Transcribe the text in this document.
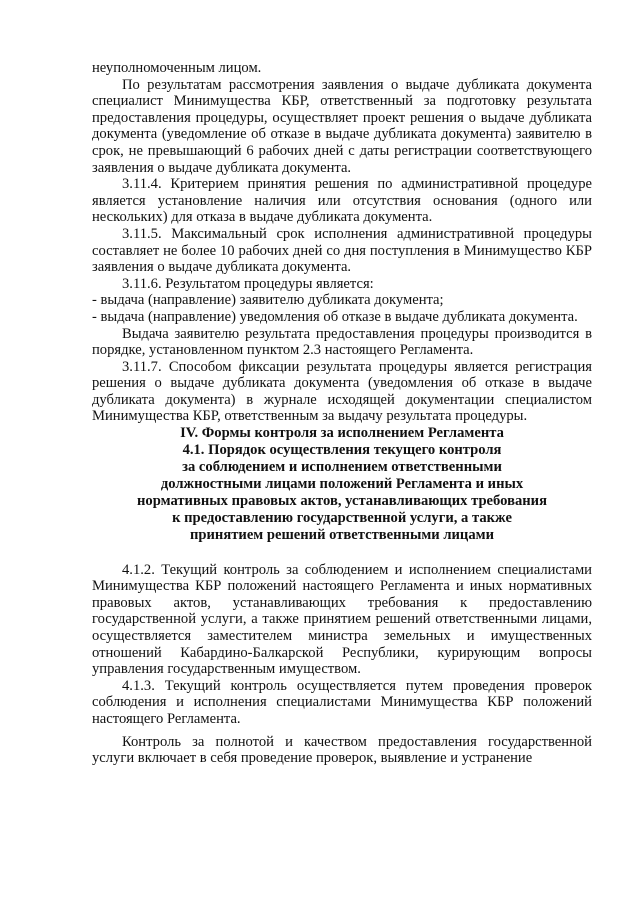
неуполномоченным лицом.

По результатам рассмотрения заявления о выдаче дубликата документа специалист Минимущества КБР, ответственный за подготовку результата предоставления процедуры, осуществляет проект решения о выдаче дубликата документа (уведомление об отказе в выдаче дубликата документа) заявителю в срок, не превышающий 6 рабочих дней с даты регистрации соответствующего заявления о выдаче дубликата документа.

3.11.4. Критерием принятия решения по административной процедуре является установление наличия или отсутствия основания (одного или нескольких) для отказа в выдаче дубликата документа.

3.11.5. Максимальный срок исполнения административной процедуры составляет не более 10 рабочих дней со дня поступления в Минимущество КБР заявления о выдаче дубликата документа.

3.11.6. Результатом процедуры является:

- выдача (направление) заявителю дубликата документа;

- выдача (направление) уведомления об отказе в выдаче дубликата документа.

Выдача заявителю результата предоставления процедуры производится в порядке, установленном пунктом 2.3 настоящего Регламента.

3.11.7. Способом фиксации результата процедуры является регистрация решения о выдаче дубликата документа (уведомления об отказе в выдаче дубликата документа) в журнале исходящей документации специалистом Минимущества КБР, ответственным за выдачу результата процедуры.

IV. Формы контроля за исполнением Регламента

4.1. Порядок осуществления текущего контроля
за соблюдением и исполнением ответственными
должностными лицами положений Регламента и иных
нормативных правовых актов, устанавливающих требования
к предоставлению государственной услуги, а также
принятием решений ответственными лицами

4.1.2. Текущий контроль за соблюдением и исполнением специалистами Минимущества КБР положений настоящего Регламента и иных нормативных правовых актов, устанавливающих требования к предоставлению государственной услуги, а также принятием решений ответственными лицами, осуществляется заместителем министра земельных и имущественных отношений Кабардино-Балкарской Республики, курирующим вопросы управления государственным имуществом.

4.1.3. Текущий контроль осуществляется путем проведения проверок соблюдения и исполнения специалистами Минимущества КБР положений настоящего Регламента.

Контроль за полнотой и качеством предоставления государственной услуги включает в себя проведение проверок, выявление и устранение
